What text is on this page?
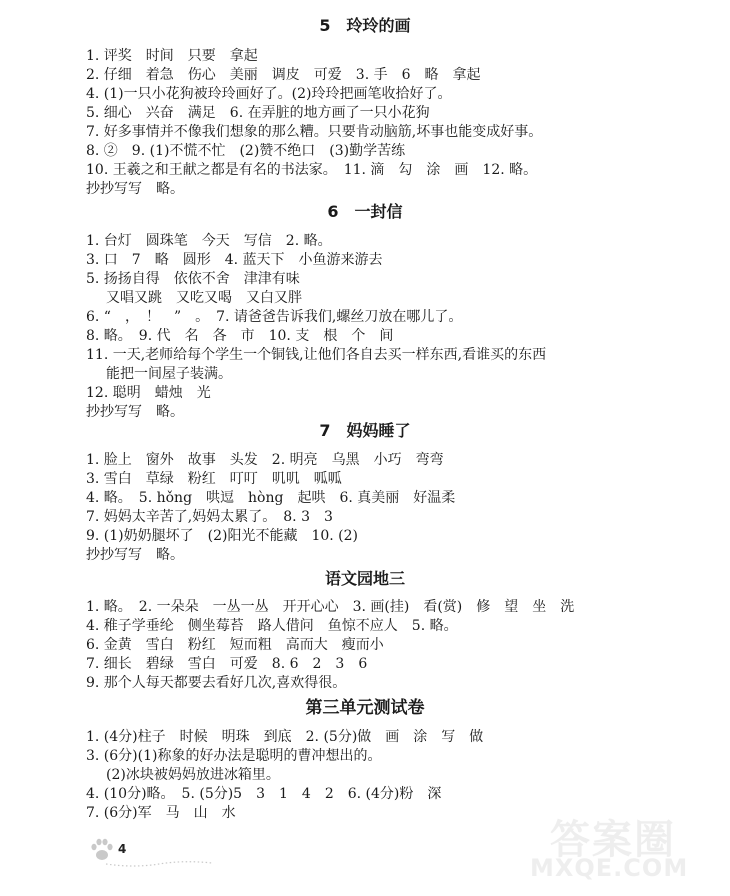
5　玲玲的画
1. 评奖　时间　只要　拿起
2. 仔细　着急　伤心　美丽　调皮　可爱　3. 手　6　略　拿起
4. (1)一只小花狗被玲玲画好了。(2)玲玲把画笔收拾好了。
5. 细心　兴奋　满足　6. 在弄脏的地方画了一只小花狗
7. 好多事情并不像我们想象的那么糟。只要肯动脑筋,坏事也能变成好事。
8. ②　9. (1)不慌不忙　(2)赞不绝口　(3)勤学苦练
10. 王羲之和王献之都是有名的书法家。　11. 滴　勾　涂　画　12. 略。
抄抄写写　略。
6　一封信
1. 台灯　圆珠笔　今天　写信　2. 略。
3. 口　7　略　圆形　4. 蓝天下　小鱼游来游去
5. 扬扬自得　依依不舍　津津有味
又唱又跳　又吃又喝　又白又胖
6. “　，　！　”　。　7. 请爸爸告诉我们,螺丝刀放在哪儿了。
8. 略。　9. 代　名　各　市　10. 支　根　个　间
11. 一天,老师给每个学生一个铜钱,让他们各自去买一样东西,看谁买的东西
能把一间屋子装满。
12. 聪明　蜡烛　光
抄抄写写　略。
7　妈妈睡了
1. 脸上　窗外　故事　头发　2. 明亮　乌黑　小巧　弯弯
3. 雪白　草绿　粉红　叮叮　叽叽　呱呱
4. 略。　5. hǒng　哄逗　hòng　起哄　6. 真美丽　好温柔
7. 妈妈太辛苦了,妈妈太累了。　8. 3　3
9. (1)奶奶腿坏了　(2)阳光不能藏　10. (2)
抄抄写写　略。
语文园地三
1. 略。　2. 一朵朵　一丛一丛　开开心心　3. 画(挂)　看(赏)　修　望　坐　洗
4. 稚子学垂纶　侧坐莓苔　路人借问　鱼惊不应人　5. 略。
6. 金黄　雪白　粉红　短而粗　高而大　瘦而小
7. 细长　碧绿　雪白　可爱　8. 6　2　3　6
9. 那个人每天都要去看好几次,喜欢得很。
第三单元测试卷
1. (4分)柱子　时候　明珠　到底　2. (5分)做　画　涂　写　做
3. (6分)(1)称象的好办法是聪明的曹冲想出的。
(2)冰块被妈妈放进冰箱里。
4. (10分)略。　5. (5分)5　3　1　4　2　6. (4分)粉　深
7. (6分)军　马　山　水
4	答案圈
MXQE.COM
